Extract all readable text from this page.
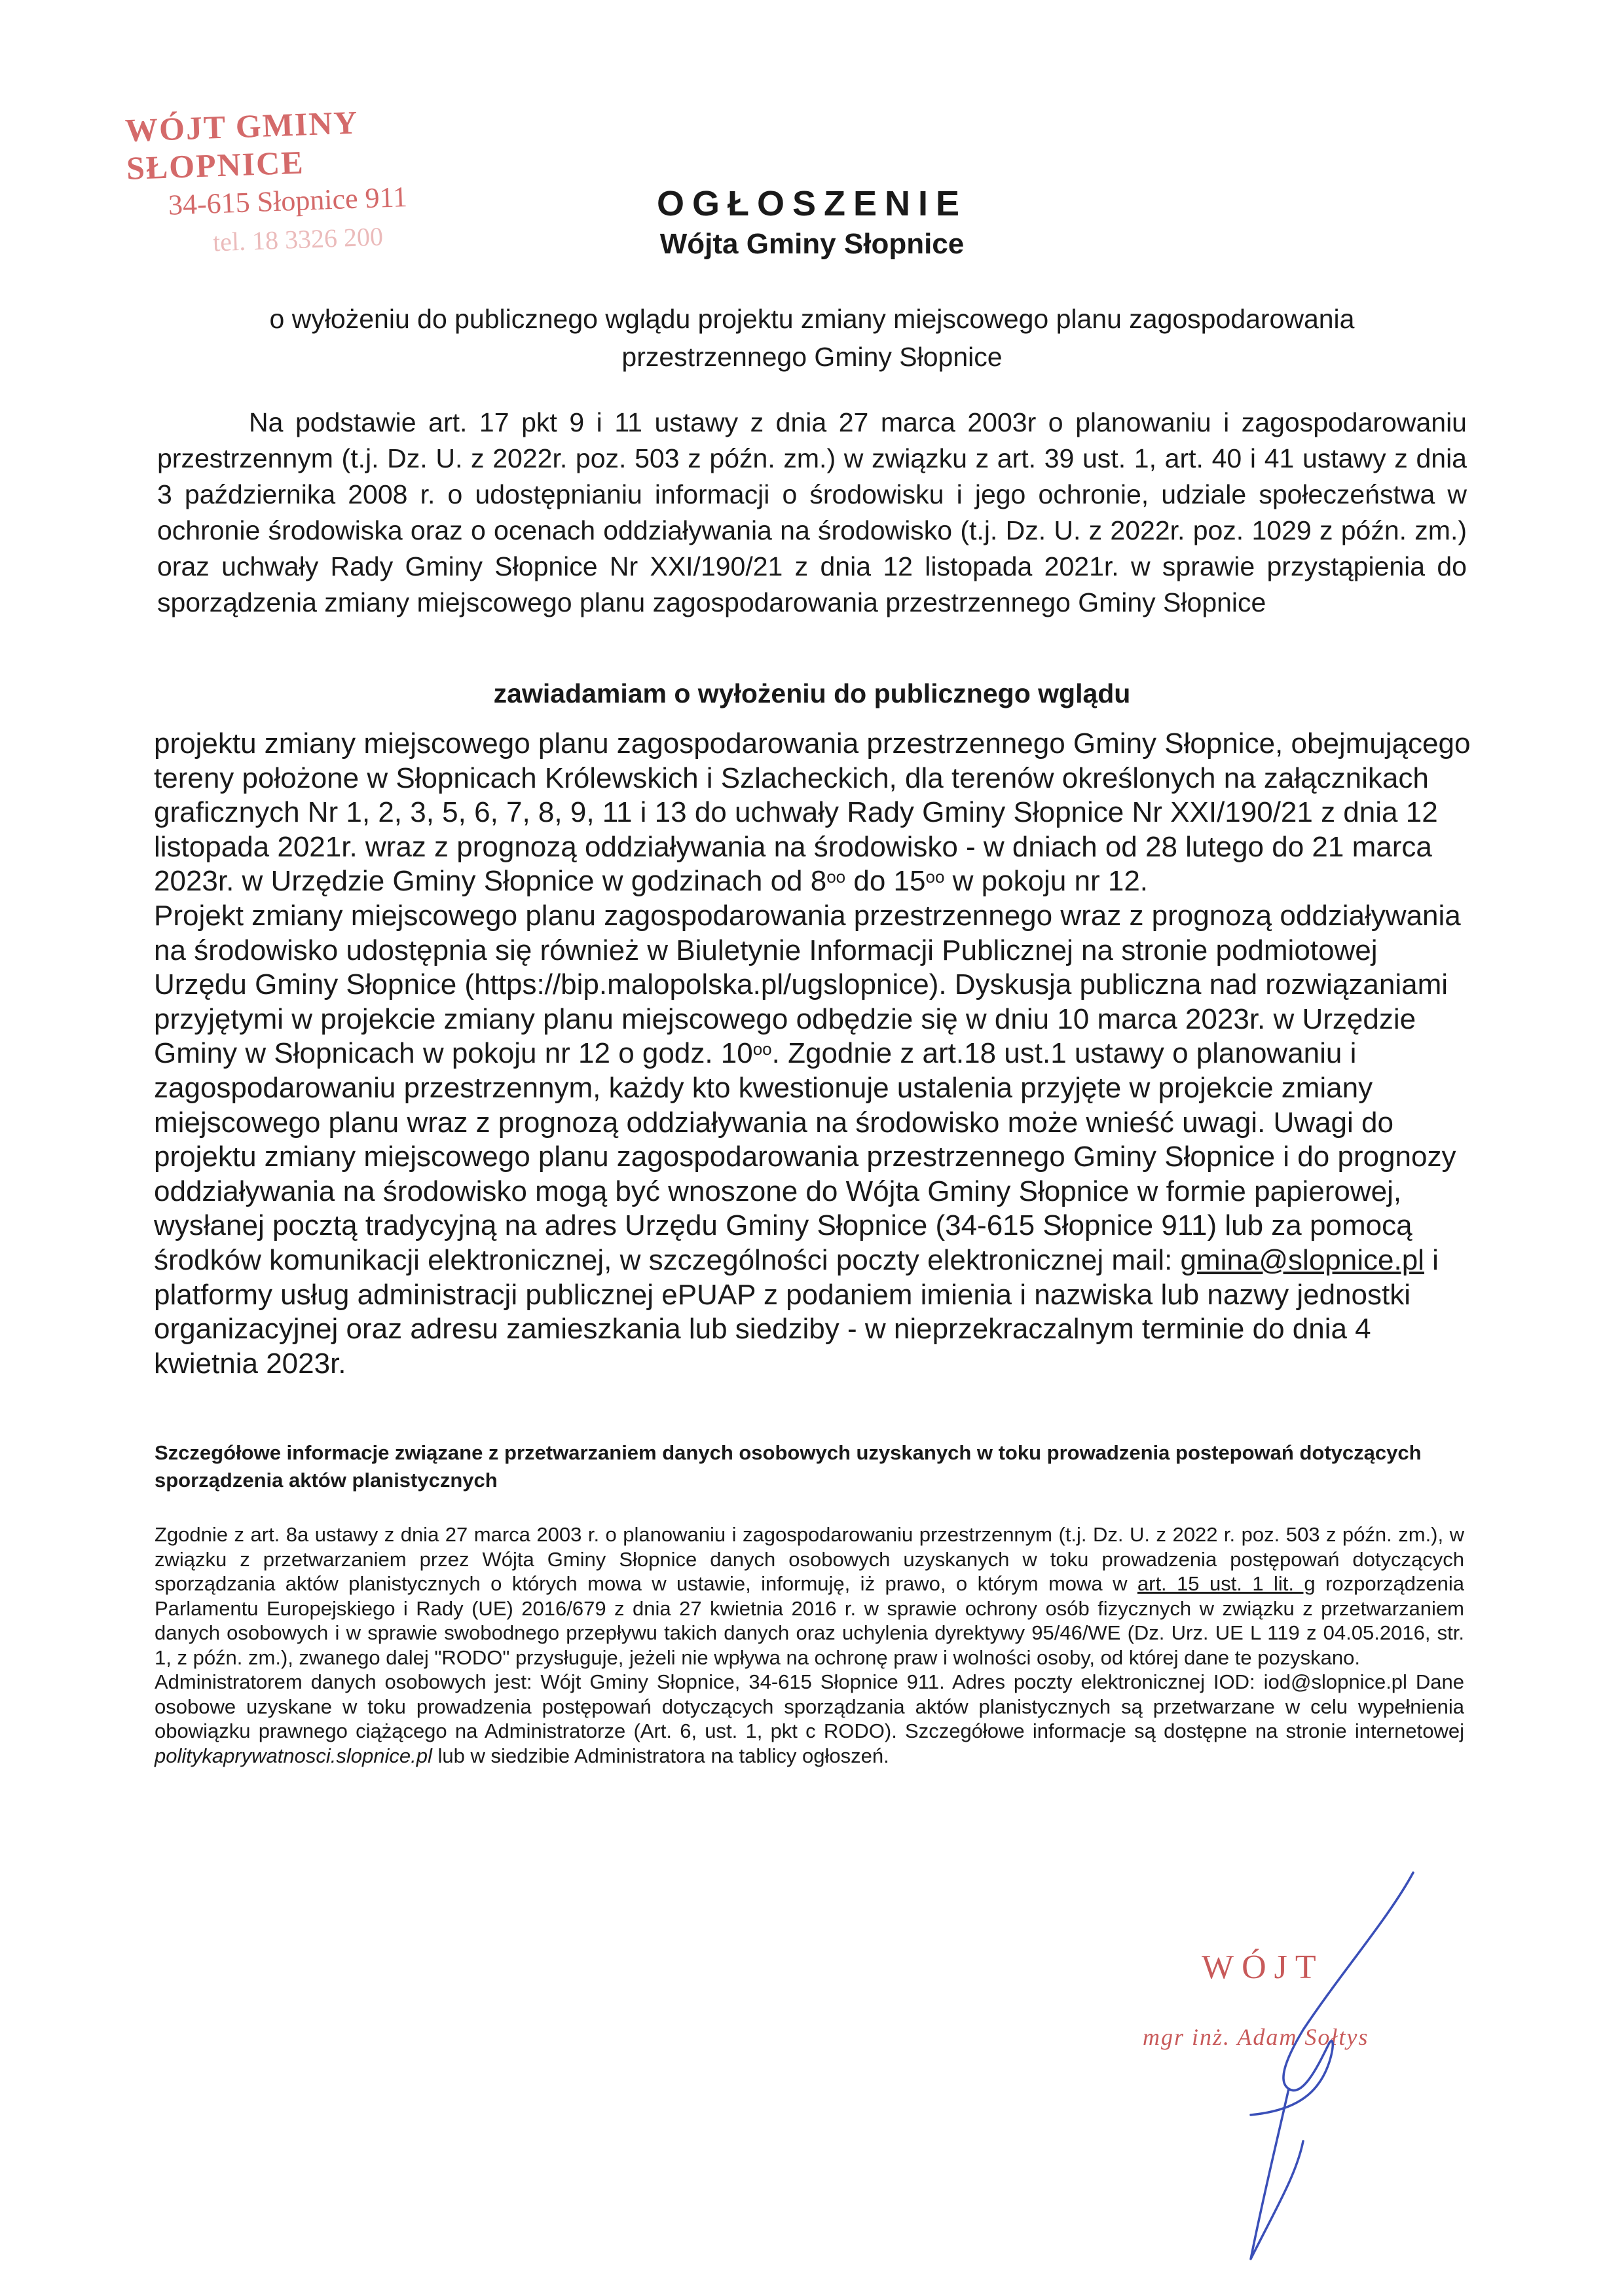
WÓJT GMINY SŁOPNICE
34-615 Słopnice 911
tel. 18 3326 200
OGŁOSZENIE
Wójta Gminy Słopnice
o wyłożeniu do publicznego wglądu projektu zmiany miejscowego planu zagospodarowania przestrzennego Gminy Słopnice
Na podstawie art. 17 pkt 9 i 11 ustawy z dnia 27 marca 2003r o planowaniu i zagospodarowaniu przestrzennym (t.j. Dz. U. z 2022r. poz. 503 z późn. zm.) w związku z art. 39 ust. 1, art. 40 i 41 ustawy z dnia 3 października 2008 r. o udostępnianiu informacji o środowisku i jego ochronie, udziale społeczeństwa w ochronie środowiska oraz o ocenach oddziaływania na środowisko (t.j. Dz. U. z 2022r. poz. 1029 z późn. zm.) oraz uchwały Rady Gminy Słopnice Nr XXI/190/21 z dnia 12 listopada 2021r. w sprawie przystąpienia do sporządzenia zmiany miejscowego planu zagospodarowania przestrzennego Gminy Słopnice
zawiadamiam o wyłożeniu do publicznego wglądu

projektu zmiany miejscowego planu zagospodarowania przestrzennego Gminy Słopnice, obejmującego tereny położone w Słopnicach Królewskich i Szlacheckich, dla terenów określonych na załącznikach graficznych Nr 1, 2, 3, 5, 6, 7, 8, 9, 11 i 13 do uchwały Rady Gminy Słopnice Nr XXI/190/21 z dnia 12 listopada 2021r. wraz z prognozą oddziaływania na środowisko - w dniach od 28 lutego do 21 marca 2023r. w Urzędzie Gminy Słopnice w godzinach od $8^{oo}$ do $15^{oo}$ w pokoju nr 12.

Projekt zmiany miejscowego planu zagospodarowania przestrzennego wraz z prognozą oddziaływania na środowisko udostępnia się również w Biuletynie Informacji Publicznej na stronie podmiotowej Urzędu Gminy Słopnice (https://bip.malopolska.pl/ugslopnice). Dyskusja publiczna nad rozwiązaniami przyjętymi w projekcie zmiany planu miejscowego odbędzie się w dniu 10 marca 2023r. w Urzędzie Gminy w Słopnicach w pokoju nr 12 o godz. $10^{oo}$. Zgodnie z art.18 ust.1 ustawy o planowaniu i zagospodarowaniu przestrzennym, każdy kto kwestionuje ustalenia przyjęte w projekcie zmiany miejscowego planu wraz z prognozą oddziaływania na środowisko może wnieść uwagi. Uwagi do projektu zmiany miejscowego planu zagospodarowania przestrzennego Gminy Słopnice i do prognozy oddziaływania na środowisko mogą być wnoszone do Wójta Gminy Słopnice w formie papierowej, wysłanej pocztą tradycyjną na adres Urzędu Gminy Słopnice (34-615 Słopnice 911) lub za pomocą środków komunikacji elektronicznej, w szczególności poczty elektronicznej mail: gmina@slopnice.pl i platformy usług administracji publicznej ePUAP z podaniem imienia i nazwiska lub nazwy jednostki organizacyjnej oraz adresu zamieszkania lub siedziby - w nieprzekraczalnym terminie do dnia 4 kwietnia 2023r.

Szczegółowe informacje związane z przetwarzaniem danych osobowych uzyskanych w toku prowadzenia postepowań dotyczących sporządzenia aktów planistycznych

Zgodnie z art. 8a ustawy z dnia 27 marca 2003 r. o planowaniu i zagospodarowaniu przestrzennym (t.j. Dz. U. z 2022 r. poz. 503 z późn. zm.), w związku z przetwarzaniem przez Wójta Gminy Słopnice danych osobowych uzyskanych w toku prowadzenia postępowań dotyczących sporządzania aktów planistycznych o których mowa w ustawie, informuję, iż prawo, o którym mowa w art. 15 ust. 1 lit. g rozporządzenia Parlamentu Europejskiego i Rady (UE) 2016/679 z dnia 27 kwietnia 2016 r. w sprawie ochrony osób fizycznych w związku z przetwarzaniem danych osobowych i w sprawie swobodnego przepływu takich danych oraz uchylenia dyrektywy 95/46/WE (Dz. Urz. UE L 119 z 04.05.2016, str. 1, z późn. zm.), zwanego dalej "RODO" przysługuje, jeżeli nie wpływa na ochronę praw i wolności osoby, od której dane te pozyskano.

Administratorem danych osobowych jest: Wójt Gminy Słopnice, 34-615 Słopnice 911. Adres poczty elektronicznej IOD: iod@slopnice.pl Dane osobowe uzyskane w toku prowadzenia postępowań dotyczących sporządzania aktów planistycznych są przetwarzane w celu wypełnienia obowiązku prawnego ciążącego na Administratorze (Art. 6, ust. 1, pkt c RODO). Szczegółowe informacje są dostępne na stronie internetowej politykaprywatnosci.slopnice.pl lub w siedzibie Administratora na tablicy ogłoszeń.

WÓJT
mgr inż. Adam Sołtys
